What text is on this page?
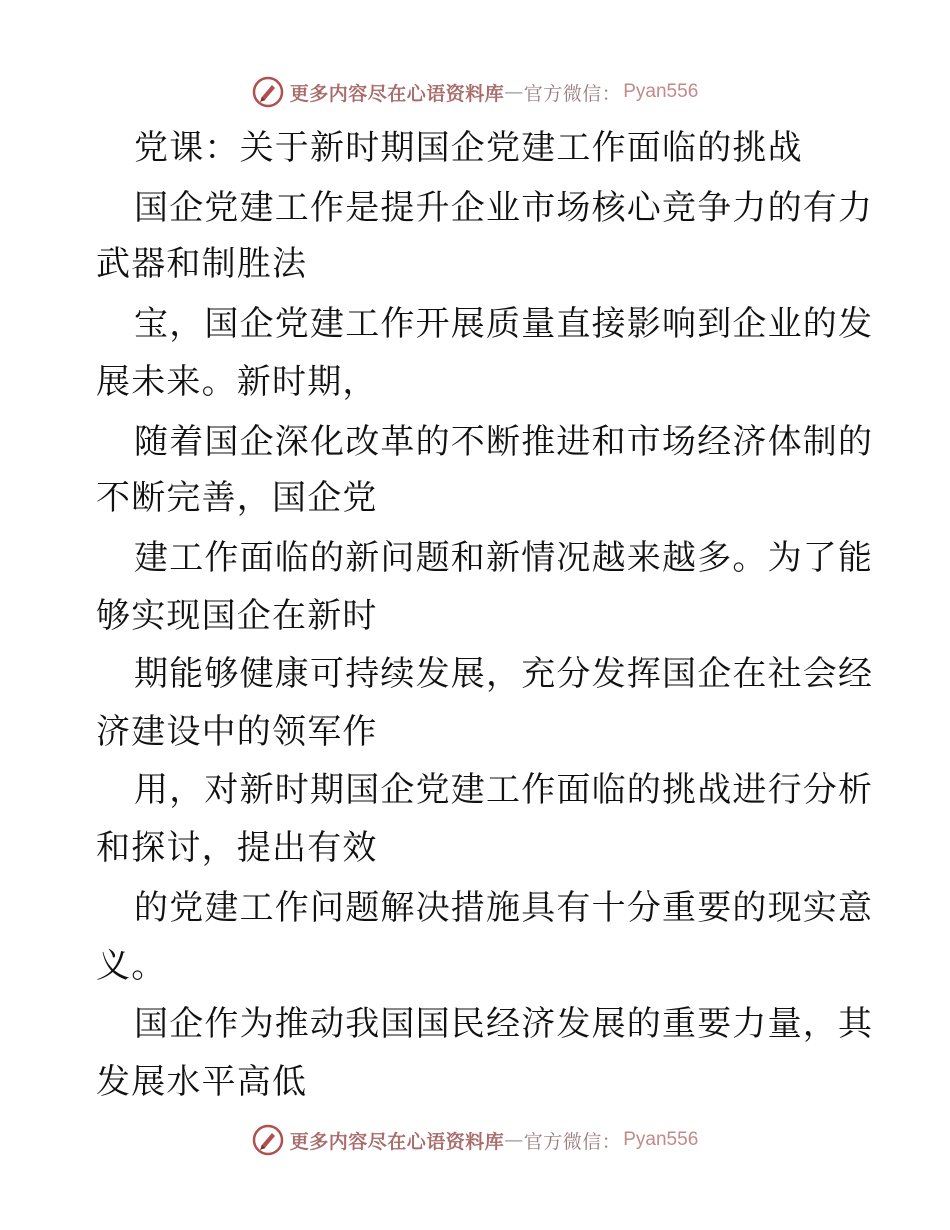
更多内容尽在心语资料库 — 官方微信： Pyan556
党课：关于新时期国企党建工作面临的挑战
国企党建工作是提升企业市场核心竞争力的有力
武器和制胜法
宝，国企党建工作开展质量直接影响到企业的发
展未来。新时期，
随着国企深化改革的不断推进和市场经济体制的
不断完善，国企党
建工作面临的新问题和新情况越来越多。为了能
够实现国企在新时
期能够健康可持续发展，充分发挥国企在社会经
济建设中的领军作
用，对新时期国企党建工作面临的挑战进行分析
和探讨，提出有效
的党建工作问题解决措施具有十分重要的现实意
义。
国企作为推动我国国民经济发展的重要力量，其
发展水平高低
更多内容尽在心语资料库 — 官方微信： Pyan556
